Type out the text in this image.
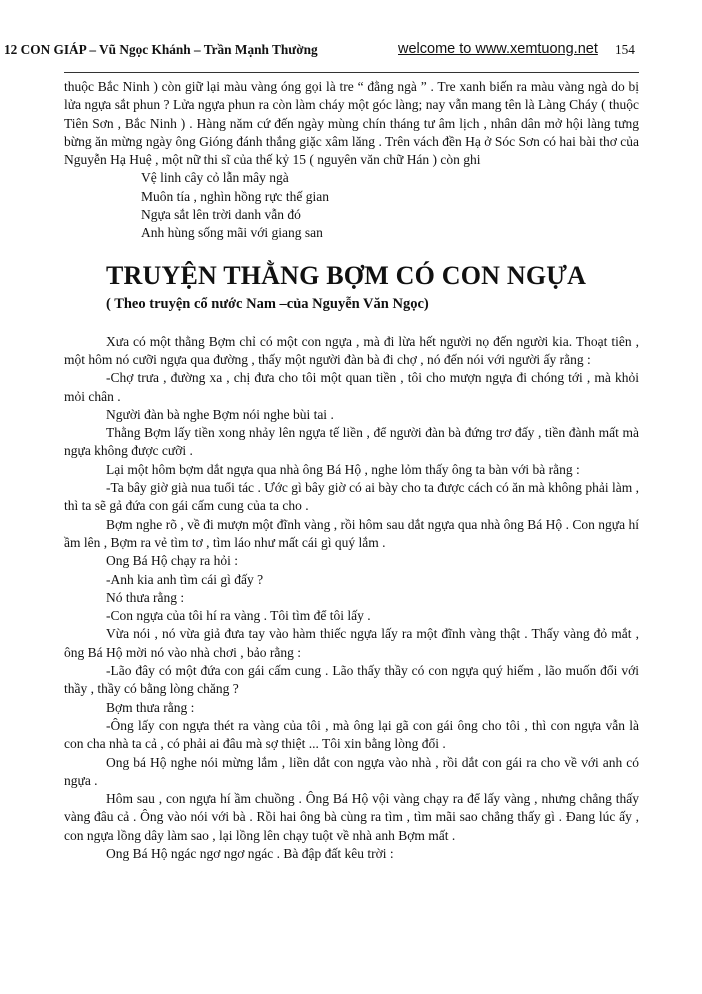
12 CON GIÁP – Vũ Ngọc Khánh – Trần Mạnh Thường	welcome to www.xemtuong.net 154

thuộc Bắc Ninh ) còn giữ lại màu vàng óng gọi là tre “ đằng ngà ” . Tre xanh biến ra màu vàng ngà do bị lửa ngựa sắt phun ? Lửa ngựa phun ra còn làm cháy một góc làng; nay vẫn mang tên là Làng Cháy ( thuộc Tiên Sơn , Bắc Ninh ) . Hàng năm cứ đến ngày mùng chín tháng tư âm lịch , nhân dân mở hội làng tưng bừng ăn mừng ngày ông Gióng đánh thắng giặc xâm lăng . Trên vách đền Hạ ở Sóc Sơn có hai bài thơ của Nguyễn Hạ Huệ , một nữ thi sĩ của thế kỷ 15 ( nguyên văn chữ Hán ) còn ghi

Vệ linh cây cỏ lẫn mây ngà
Muôn tía , nghìn hồng rực thế gian
Ngựa sắt lên trời danh vẫn đó
Anh hùng sống mãi với giang san
TRUYỆN THẰNG BỢM CÓ CON NGỰA
( Theo truyện cổ nước Nam –của Nguyễn Văn Ngọc)

Xưa có một thằng Bợm chỉ có một con ngựa , mà đi lừa hết người nọ đến người kia. Thoạt tiên , một hôm nó cưỡi ngựa qua đường , thấy một người đàn bà đi chợ , nó đến nói với người ấy rằng :

-Chợ trưa , đường xa , chị đưa cho tôi một quan tiền , tôi cho mượn ngựa đi chóng tới , mà khỏi mỏi chân .

Người đàn bà nghe Bợm nói nghe bùi tai .

Thằng Bợm lấy tiền xong nhảy lên ngựa tế liền , để người đàn bà đứng trơ đấy , tiền đành mất mà ngựa không được cưỡi .

Lại một hôm bợm dắt ngựa qua nhà ông Bá Hộ , nghe lỏm thấy ông ta bàn với bà rằng :

-Ta bây giờ già nua tuổi tác . Ước gì bây giờ có ai bày cho ta được cách có ăn mà không phải làm , thì ta sẽ gả đứa con gái cấm cung của ta cho .

Bợm nghe rõ , về đi mượn một đĩnh vàng , rồi hôm sau dắt ngựa qua nhà ông Bá Hộ . Con ngựa hí ầm lên , Bợm ra vẻ tìm tơ , tìm láo như mất cái gì quý lắm .

Ong Bá Hộ chạy ra hỏi :

-Anh kia anh tìm cái gì đấy ?

Nó thưa rằng :

-Con ngựa của tôi hí ra vàng . Tôi tìm để tôi lấy .

Vừa nói , nó vừa giả đưa tay vào hàm thiếc ngựa lấy ra một đĩnh vàng thật . Thấy vàng đỏ mắt , ông Bá Hộ mời nó vào nhà chơi , bảo rằng :

-Lão đây có một đứa con gái cấm cung . Lão thấy thầy có con ngựa quý hiếm , lão muốn đổi với thầy , thầy có bằng lòng chăng ?

Bợm thưa rằng :

-Ông lấy con ngựa thét ra vàng của tôi , mà ông lại gã con gái ông cho tôi , thì con ngựa vẫn là con cha nhà ta cả , có phải ai đâu mà sợ thiệt ... Tôi xin bằng lòng đổi .

Ong bá Hộ nghe nói mừng lắm , liền dắt con ngựa vào nhà , rồi dắt con gái ra cho về với anh có ngựa .

Hôm sau , con ngựa hí ầm chuồng . Ông Bá Hộ vội vàng chạy ra để lấy vàng , nhưng chẳng thấy vàng đâu cả . Ông vào nói với bà . Rồi hai ông bà cùng ra tìm , tìm mãi sao chẳng thấy gì . Đang lúc ấy , con ngựa lồng dây làm sao , lại lồng lên chạy tuột về nhà anh Bợm mất .

Ong Bá Hộ ngác ngơ ngơ ngác . Bà đập đất kêu trời :
